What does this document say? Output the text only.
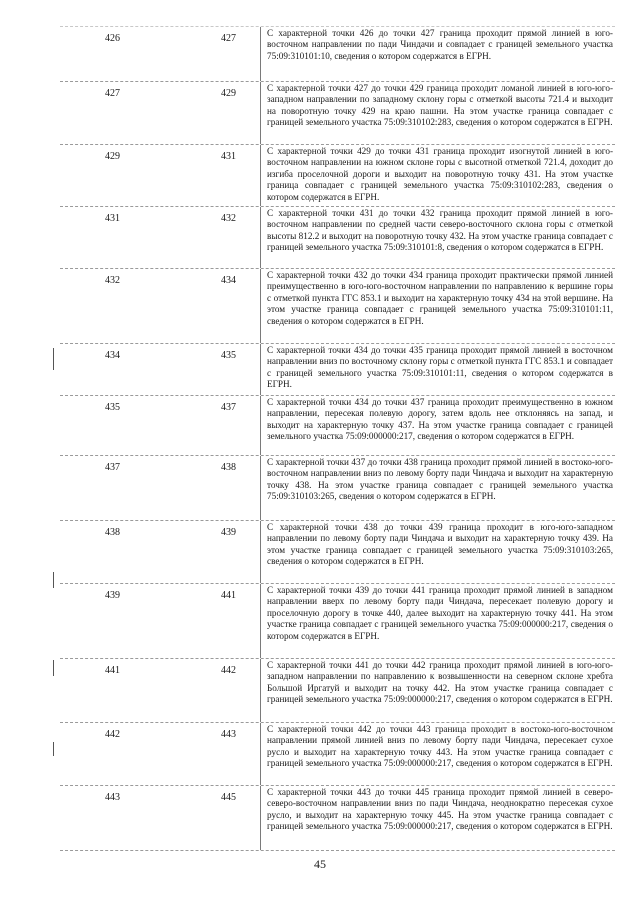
426	427	С характерной точки 426 до точки 427 граница проходит прямой линией в юго-восточном направлении по пади Чиндачи и совпадает с границей земельного участка 75:09:310101:10, сведения о котором содержатся в ЕГРН.
427	429	С характерной точки 427 до точки 429 граница проходит ломаной линией в юго-юго-западном направлении по западному склону горы с отметкой высоты 721.4 и выходит на поворотную точку 429 на краю пашни. На этом участке граница совпадает с границей земельного участка 75:09:310102:283, сведения о котором содержатся в ЕГРН.
429	431	С характерной точки 429 до точки 431 граница проходит изогнутой линией в юго-восточном направлении на южном склоне горы с высотной отметкой 721.4, доходит до изгиба проселочной дороги и выходит на поворотную точку 431. На этом участке граница совпадает с границей земельного участка 75:09:310102:283, сведения о котором содержатся в ЕГРН.
431	432	С характерной точки 431 до точки 432 граница проходит прямой линией в юго-восточном направлении по средней части северо-восточного склона горы с отметкой высоты 812.2 и выходит на поворотную точку 432. На этом участке граница совпадает с границей земельного участка 75:09:310101:8, сведения о котором содержатся в ЕГРН.
432	434	С характерной точки 432 до точки 434 граница проходит практически прямой линией преимущественно в юго-юго-восточном направлении по направлению к вершине горы с отметкой пункта ГГС 853.1 и выходит на характерную точку 434 на этой вершине. На этом участке граница совпадает с границей земельного участка 75:09:310101:11, сведения о котором содержатся в ЕГРН.
434	435	С характерной точки 434 до точки 435 граница проходит прямой линией в восточном направлении вниз по восточному склону горы с отметкой пункта ГГС 853.1 и совпадает с границей земельного участка 75:09:310101:11, сведения о котором содержатся в ЕГРН.
435	437	С характерной точки 434 до точки 437 граница проходит преимущественно в южном направлении, пересекая полевую дорогу, затем вдоль нее отклоняясь на запад, и выходит на характерную точку 437. На этом участке граница совпадает с границей земельного участка 75:09:000000:217, сведения о котором содержатся в ЕГРН.
437	438	С характерной точки 437 до точки 438 граница проходит прямой линией в востоко-юго-восточном направлении вниз по левому борту пади Чиндача и выходит на характерную точку 438. На этом участке граница совпадает с границей земельного участка 75:09:310103:265, сведения о котором содержатся в ЕГРН.
438	439	С характерной точки 438 до точки 439 граница проходит в юго-юго-западном направлении по левому борту пади Чиндача и выходит на характерную точку 439. На этом участке граница совпадает с границей земельного участка 75:09:310103:265, сведения о котором содержатся в ЕГРН.
439	441	С характерной точки 439 до точки 441 граница проходит прямой линией в западном направлении вверх по левому борту пади Чиндача, пересекает полевую дорогу и проселочную дорогу в точке 440, далее выходит на характерную точку 441. На этом участке граница совпадает с границей земельного участка 75:09:000000:217, сведения о котором содержатся в ЕГРН.
441	442	С характерной точки 441 до точки 442 граница проходит прямой линией в юго-юго-западном направлении по направлению к возвышенности на северном склоне хребта Большой Иргатуй и выходит на точку 442. На этом участке граница совпадает с границей земельного участка 75:09:000000:217, сведения о котором содержатся в ЕГРН.
442	443	С характерной точки 442 до точки 443 граница проходит в востоко-юго-восточном направлении прямой линией вниз по левому борту пади Чиндача, пересекает сухое русло и выходит на характерную точку 443. На этом участке граница совпадает с границей земельного участка 75:09:000000:217, сведения о котором содержатся в ЕГРН.
443	445	С характерной точки 443 до точки 445 граница проходит прямой линией в северо-северо-восточном направлении вниз по пади Чиндача, неоднократно пересекая сухое русло, и выходит на характерную точку 445. На этом участке граница совпадает с границей земельного участка 75:09:000000:217, сведения о котором содержатся в ЕГРН.
45
